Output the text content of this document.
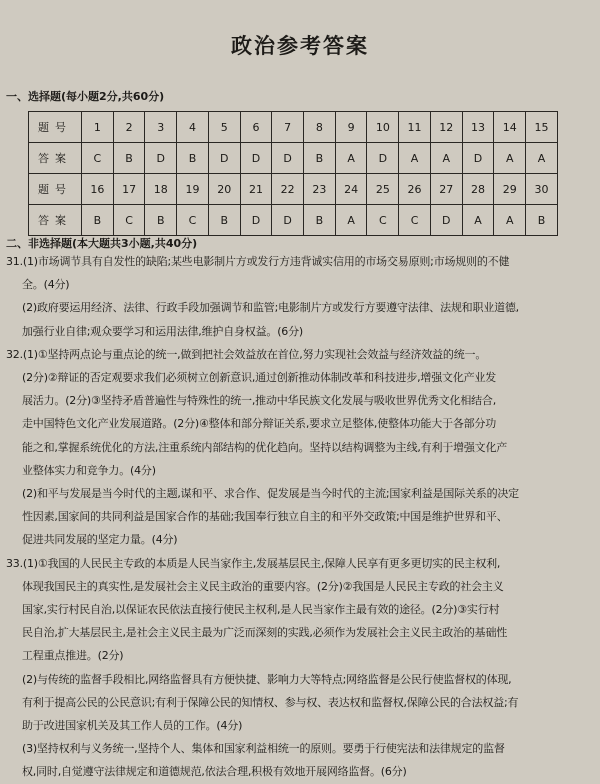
政治参考答案
一、选择题(每小题2分,共60分)
题号	1	2	3	4	5	6	7	8	9	10	11	12	13	14	15
答案	C	B	D	B	D	D	D	B	A	D	A	A	D	A	A
题号	16	17	18	19	20	21	22	23	24	25	26	27	28	29	30
答案	B	C	B	C	B	D	D	B	A	C	C	D	A	A	B
二、非选择题(本大题共3小题,共40分)
31.(1)市场调节具有自发性的缺陷;某些电影制片方或发行方违背诚实信用的市场交易原则;市场规则的不健
全。(4分)
(2)政府要运用经济、法律、行政手段加强调节和监管;电影制片方或发行方要遵守法律、法规和职业道德,
加强行业自律;观众要学习和运用法律,维护自身权益。(6分)
32.(1)①坚持两点论与重点论的统一,做到把社会效益放在首位,努力实现社会效益与经济效益的统一。
(2分)②辩证的否定观要求我们必须树立创新意识,通过创新推动体制改革和科技进步,增强文化产业发
展活力。(2分)③坚持矛盾普遍性与特殊性的统一,推动中华民族文化发展与吸收世界优秀文化相结合,
走中国特色文化产业发展道路。(2分)④整体和部分辩证关系,要求立足整体,使整体功能大于各部分功
能之和,掌握系统优化的方法,注重系统内部结构的优化趋向。坚持以结构调整为主线,有利于增强文化产
业整体实力和竞争力。(4分)
(2)和平与发展是当今时代的主题,谋和平、求合作、促发展是当今时代的主流;国家利益是国际关系的决定
性因素,国家间的共同利益是国家合作的基础;我国奉行独立自主的和平外交政策;中国是维护世界和平、
促进共同发展的坚定力量。(4分)
33.(1)①我国的人民民主专政的本质是人民当家作主,发展基层民主,保障人民享有更多更切实的民主权利,
体现我国民主的真实性,是发展社会主义民主政治的重要内容。(2分)②我国是人民民主专政的社会主义
国家,实行村民自治,以保证农民依法直接行使民主权利,是人民当家作主最有效的途径。(2分)③实行村
民自治,扩大基层民主,是社会主义民主最为广泛而深刻的实践,必须作为发展社会主义民主政治的基础性
工程重点推进。(2分)
(2)与传统的监督手段相比,网络监督具有方便快捷、影响力大等特点;网络监督是公民行使监督权的体现,
有利于提高公民的公民意识;有利于保障公民的知情权、参与权、表达权和监督权,保障公民的合法权益;有
助于改进国家机关及其工作人员的工作。(4分)
(3)坚持权利与义务统一,坚持个人、集体和国家利益相统一的原则。要勇于行使宪法和法律规定的监督
权,同时,自觉遵守法律规定和道德规范,依法合理,积极有效地开展网络监督。(6分)
